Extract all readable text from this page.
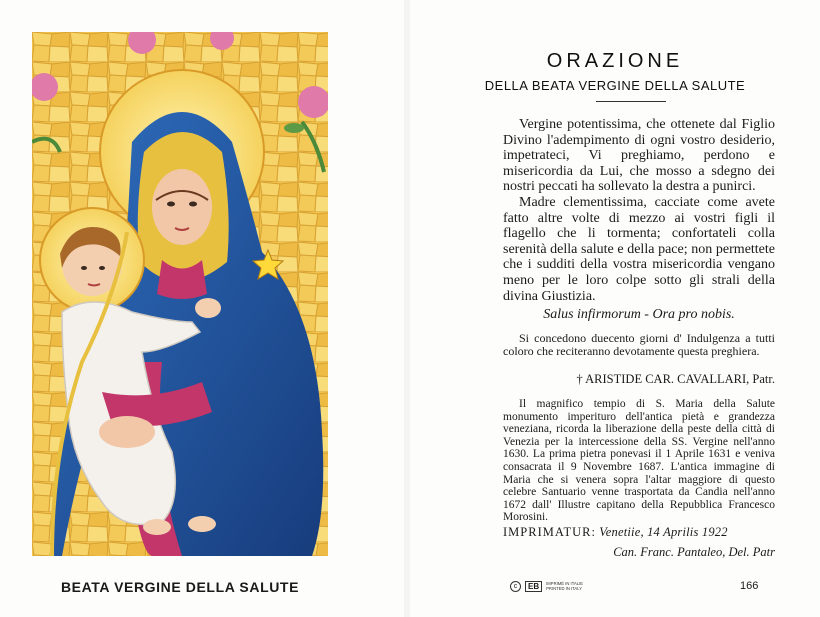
BEATA VERGINE DELLA SALUTE
ORAZIONE
DELLA BEATA VERGINE DELLA SALUTE

Vergine potentissima, che ottenete dal Figlio Divino l'adempimento di ogni vostro desiderio, impetrateci, Vi preghiamo, perdono e misericordia da Lui, che mosso a sdegno dei nostri peccati ha sollevato la destra a punirci.

Madre clementissima, cacciate come avete fatto altre volte di mezzo ai vostri figli il flagello che li tormenta; confortateli colla serenità della salute e della pace; non permettete che i sudditi della vostra misericordia vengano meno per le loro colpe sotto gli strali della divina Giustizia.

Salus infirmorum - Ora pro nobis.
Si concedono duecento giorni d' Indulgenza a tutti coloro che reciteranno devotamente questa preghiera.
† ARISTIDE CAR. CAVALLARI, Patr.
Il magnifico tempio di S. Maria della Salute monumento imperituro dell'antica pietà e grandezza veneziana, ricorda la liberazione della peste della città di Venezia per la intercessione della SS. Vergine nell'anno 1630. La prima pietra ponevasi il 1 Aprile 1631 e veniva consacrata il 9 Novembre 1687. L'antica immagine di Maria che si venera sopra l'altar maggiore di questo celebre Santuario venne trasportata da Candia nell'anno 1672 dall' Illustre capitano della Repubblica Francesco Morosini.
IMPRIMATUR: Venetiie, 14 Aprilis 1922
Can. Franc. Pantaleo, Del. Patr
c	EB	IMPRIMÉ IN ITALIE
PRINTED IN ITALY	166
